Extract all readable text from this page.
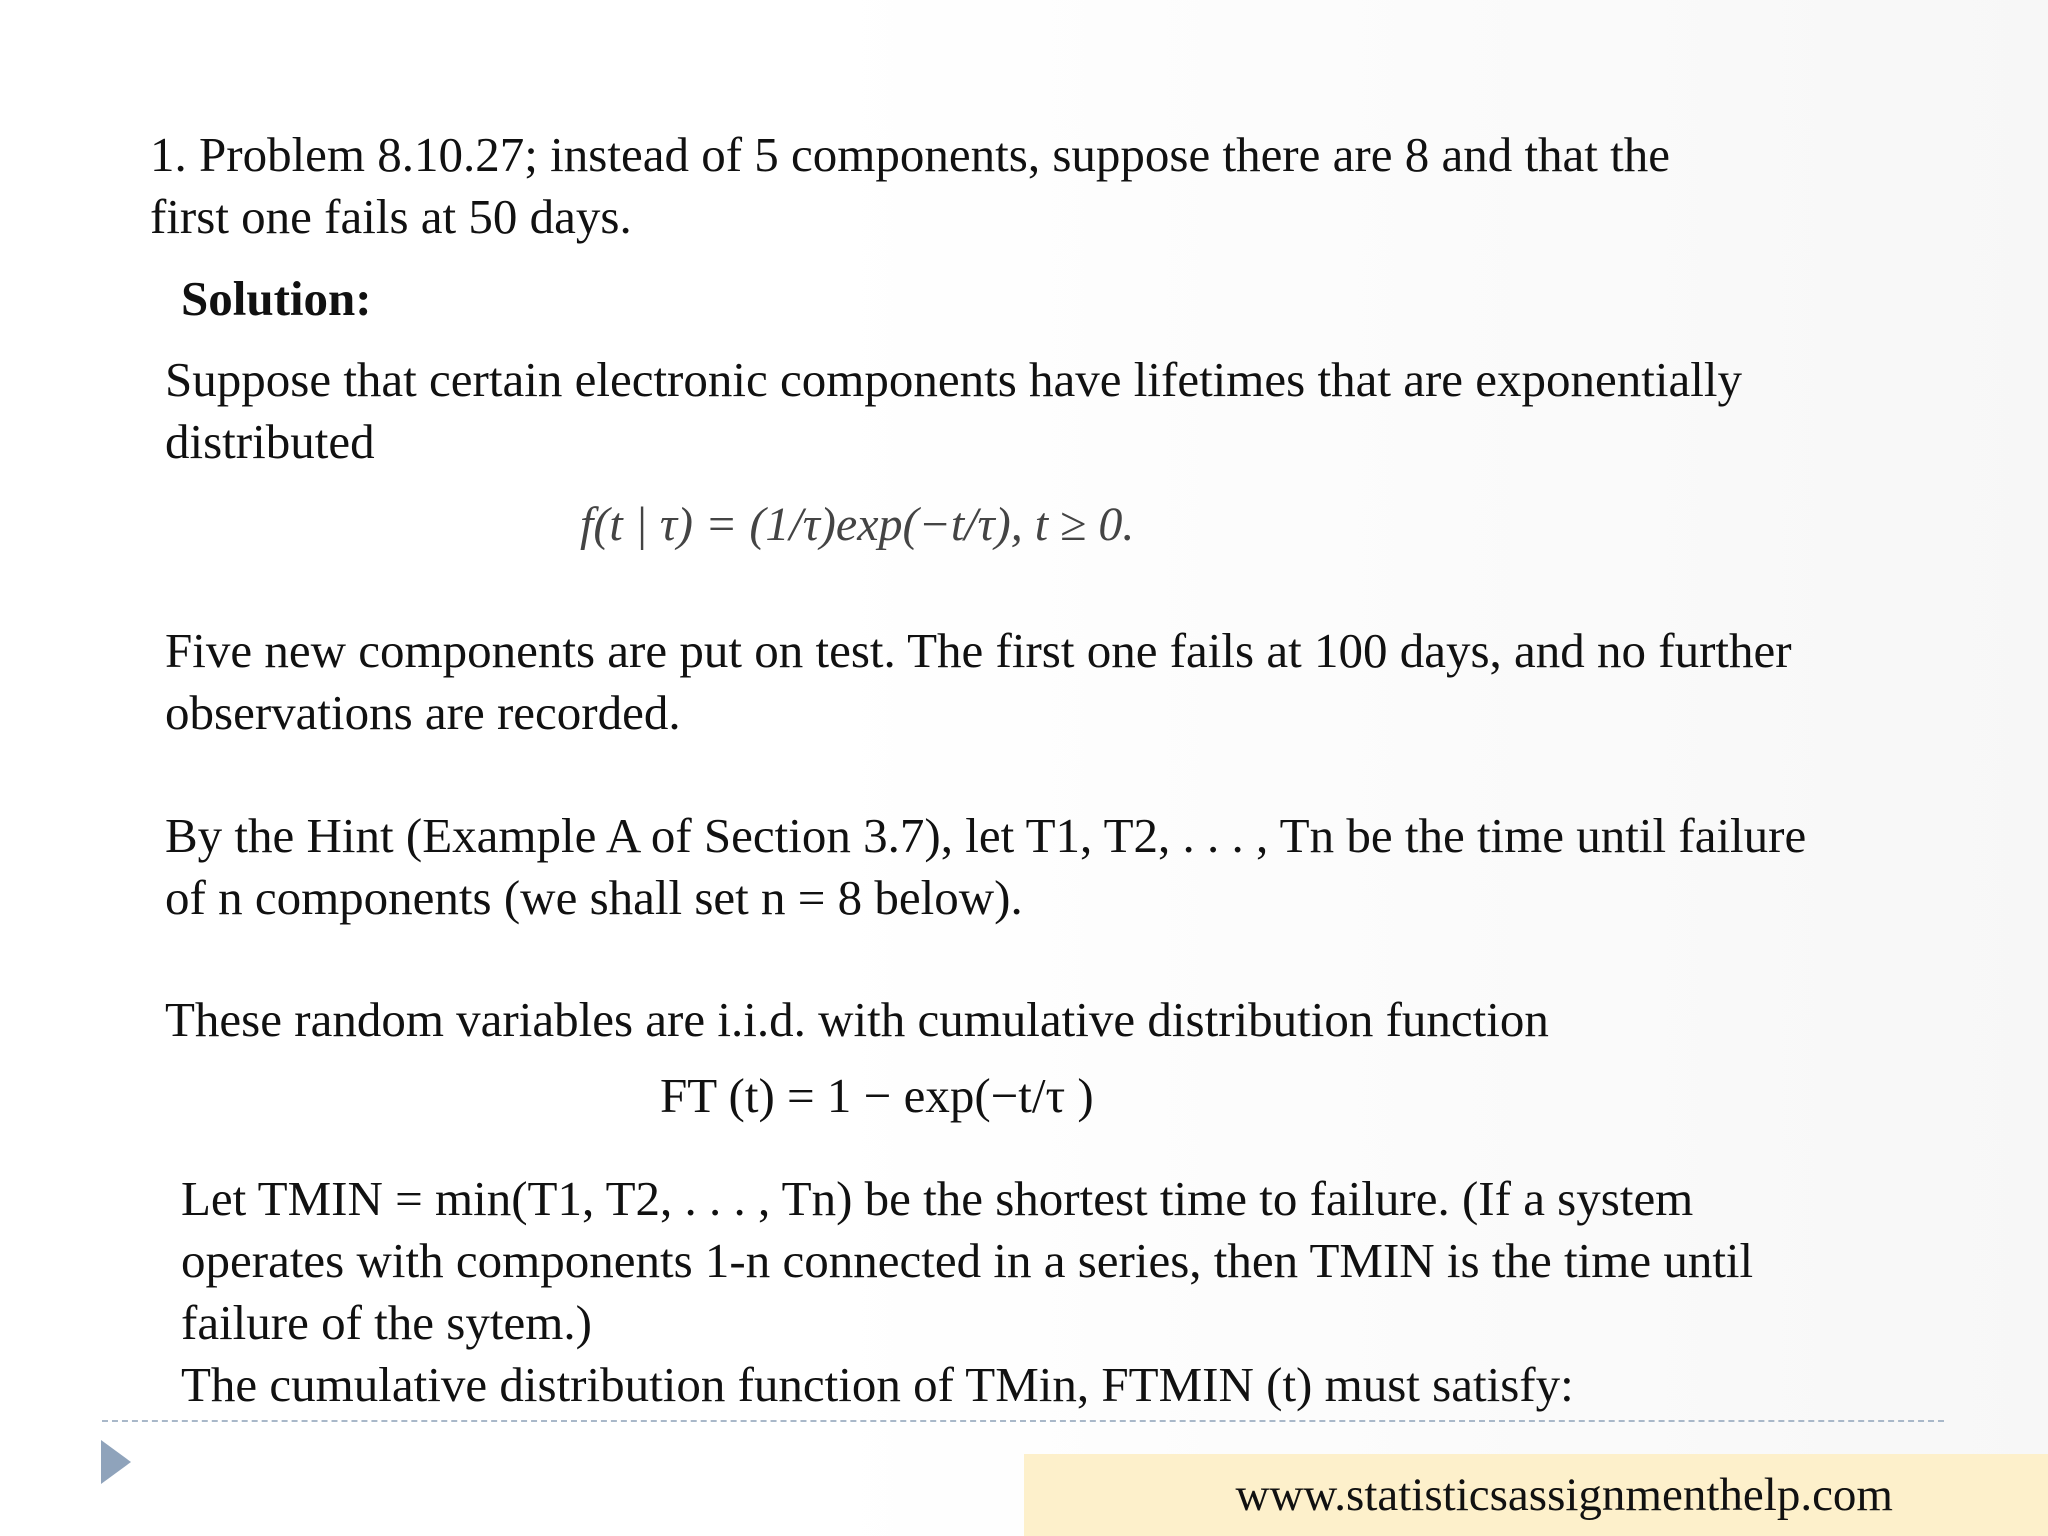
1. Problem 8.10.27; instead of 5 components, suppose there are 8 and that the

first one fails at 50 days.

Solution:

Suppose that certain electronic components have lifetimes that are exponentially

distributed

f(t | τ) = (1/τ)exp(−t/τ), t ≥ 0.

Five new components are put on test. The first one fails at 100 days, and no further

observations are recorded.

By the Hint (Example A of Section 3.7), let T1, T2, . . . , Tn be the time until failure

of n components (we shall set n = 8 below).

These random variables are i.i.d. with cumulative distribution function

FT (t) = 1 − exp(−t/τ )

Let TMIN = min(T1, T2, . . . , Tn) be the shortest time to failure. (If a system

operates with components 1-n connected in a series, then TMIN is the time until

failure of the sytem.)

The cumulative distribution function of TMin, FTMIN (t) must satisfy:

www.statisticsassignmenthelp.com
